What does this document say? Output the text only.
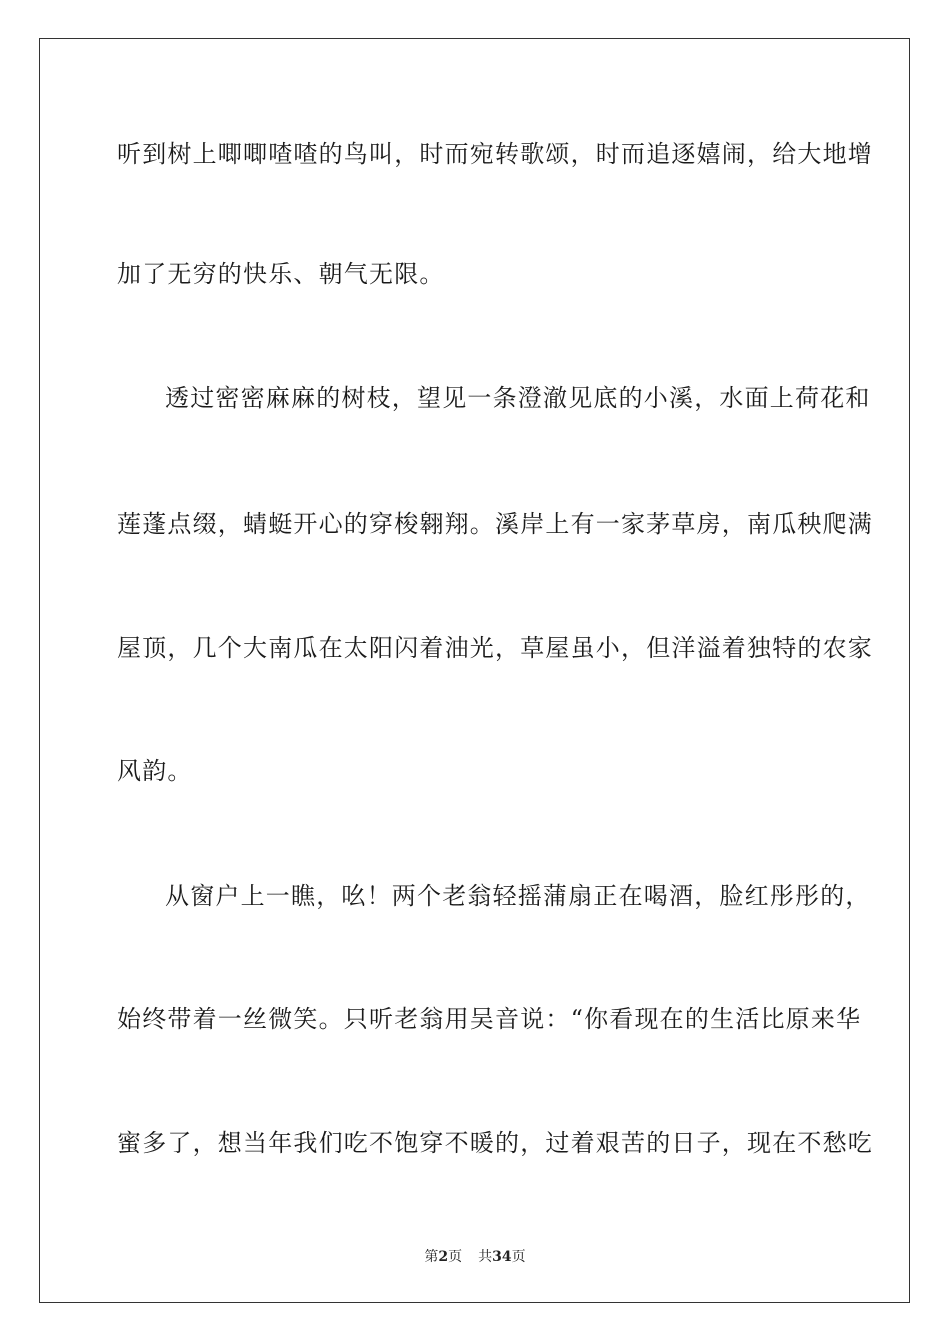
听到树上唧唧喳喳的鸟叫，时而宛转歌颂，时而追逐嬉闹，给大地增
加了无穷的快乐、朝气无限。
透过密密麻麻的树枝，望见一条澄澈见底的小溪，水面上荷花和
莲蓬点缀，蜻蜓开心的穿梭翱翔。溪岸上有一家茅草房，南瓜秧爬满
屋顶，几个大南瓜在太阳闪着油光，草屋虽小，但洋溢着独特的农家
风韵。
从窗户上一瞧，吆！两个老翁轻摇蒲扇正在喝酒，脸红彤彤的，
始终带着一丝微笑。只听老翁用吴音说：“你看现在的生活比原来华
蜜多了，想当年我们吃不饱穿不暖的，过着艰苦的日子，现在不愁吃
第2页 共34页
